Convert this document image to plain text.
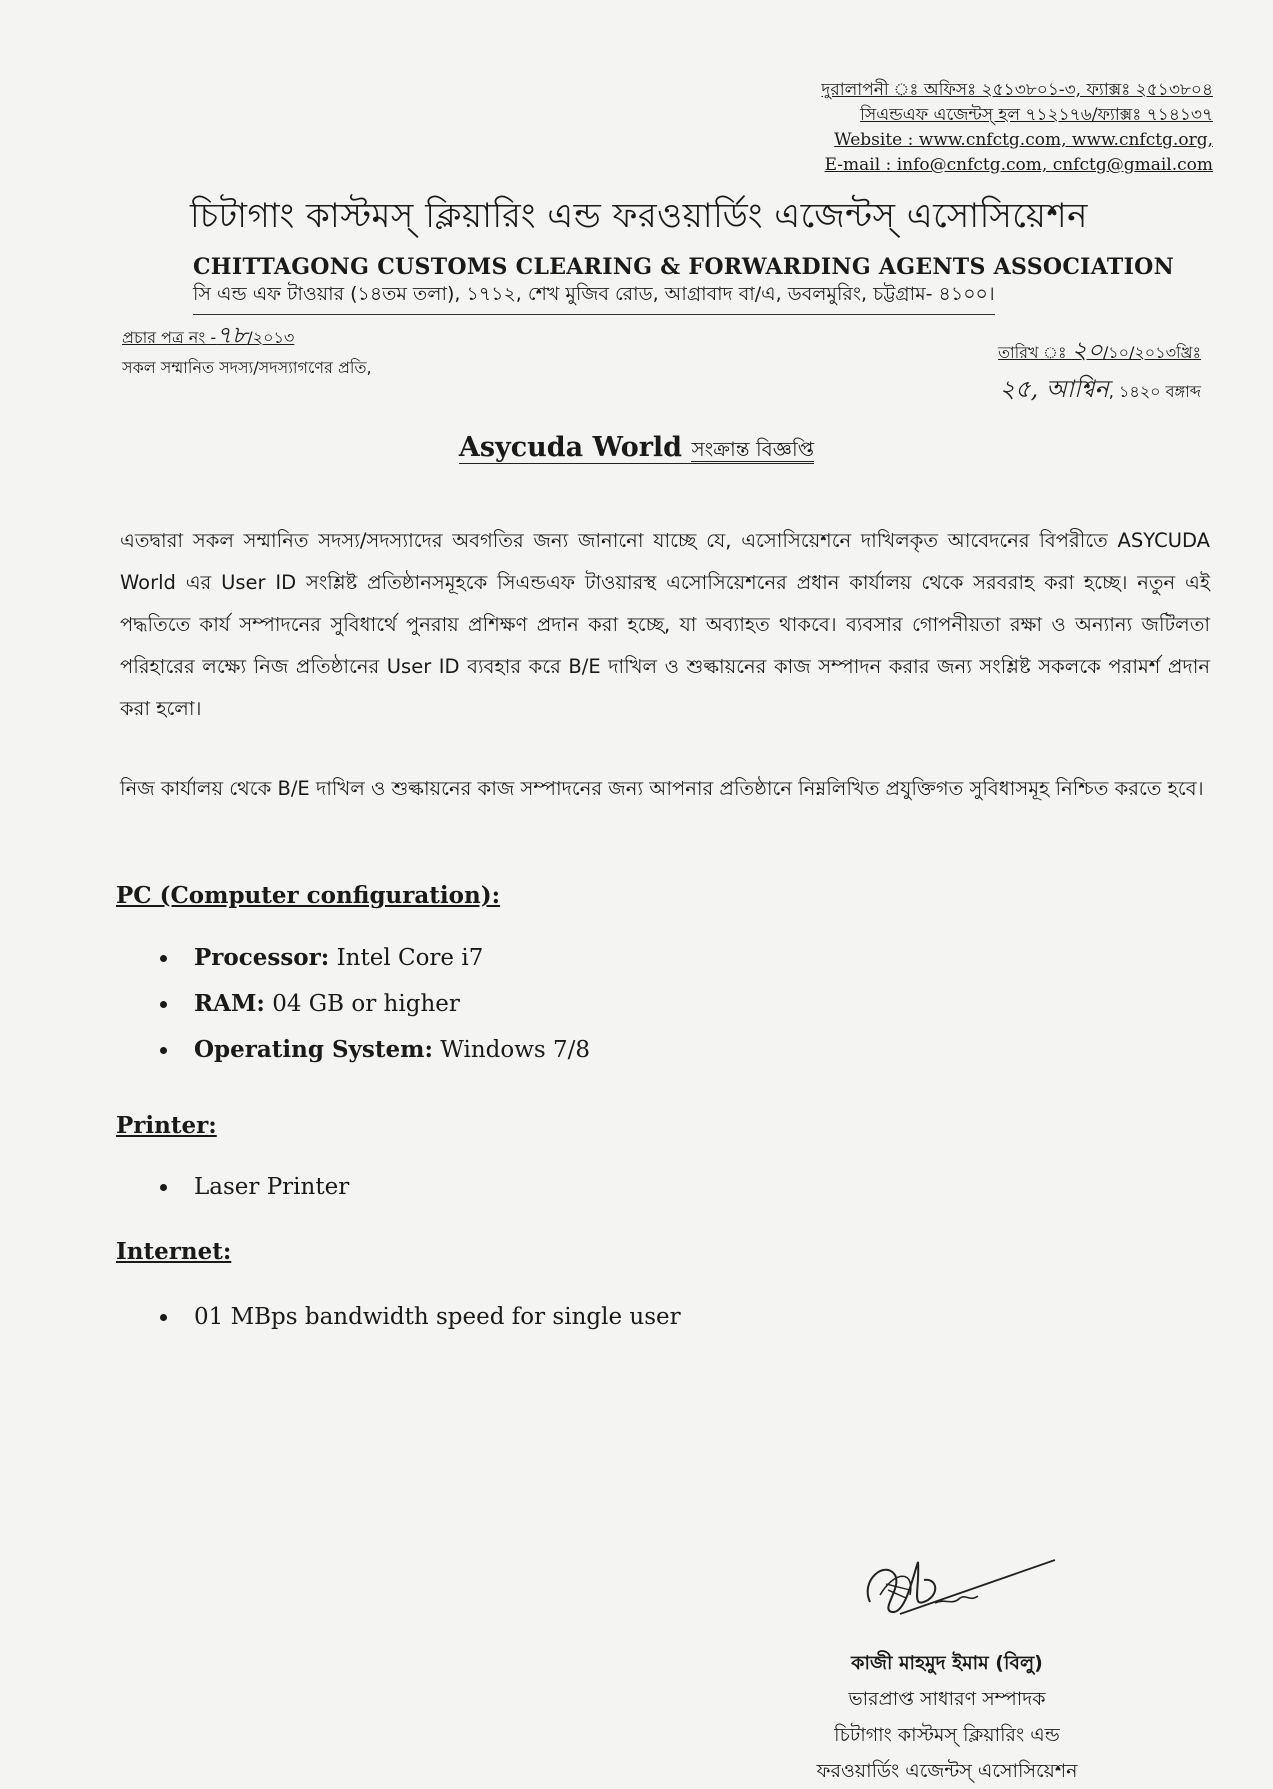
দুরালাপনী ঃ অফিসঃ ২৫১৩৮০১-৩, ফ্যাক্সঃ ২৫১৩৮০৪
সিএন্ডএফ এজেন্টস্‌ হল ৭১২১৭৬/ফ্যাক্সঃ ৭১৪১৩৭
Website : www.cnfctg.com, www.cnfctg.org,
E-mail : info@cnfctg.com, cnfctg@gmail.com
চিটাগাং কাস্টমস্‌ ক্লিয়ারিং এন্ড ফরওয়ার্ডিং এজেন্টস্‌ এসোসিয়েশন
CHITTAGONG CUSTOMS CLEARING & FORWARDING AGENTS ASSOCIATION
সি এন্ড এফ টাওয়ার (১৪তম তলা), ১৭১২, শেখ মুজিব রোড, আগ্রাবাদ বা/এ, ডবলমুরিং, চট্টগ্রাম- ৪১০০।
প্রচার পত্র নং -৭৮/২০১৩
সকল সম্মানিত সদস্য/সদস্যাগণের প্রতি,
তারিখ ঃ ২০/১০/২০১৩খ্রিঃ
২৫, আশ্বিন, ১৪২০ বঙ্গাব্দ
Asycuda World সংক্রান্ত বিজ্ঞপ্তি
এতদ্বারা সকল সম্মানিত সদস্য/সদস্যাদের অবগতির জন্য জানানো যাচ্ছে যে, এসোসিয়েশনে দাখিলকৃত আবেদনের বিপরীতে ASYCUDA World এর User ID সংশ্লিষ্ট প্রতিষ্ঠানসমূহকে সিএন্ডএফ টাওয়ারস্থ এসোসিয়েশনের প্রধান কার্যালয় থেকে সরবরাহ করা হচ্ছে। নতুন এই পদ্ধতিতে কার্য সম্পাদনের সুবিধার্থে পুনরায় প্রশিক্ষণ প্রদান করা হচ্ছে, যা অব্যাহত থাকবে। ব্যবসার গোপনীয়তা রক্ষা ও অন্যান্য জটিলতা পরিহারের লক্ষ্যে নিজ প্রতিষ্ঠানের User ID ব্যবহার করে B/E দাখিল ও শুল্কায়নের কাজ সম্পাদন করার জন্য সংশ্লিষ্ট সকলকে পরামর্শ প্রদান করা হলো।
নিজ কার্যালয় থেকে B/E দাখিল ও শুল্কায়নের কাজ সম্পাদনের জন্য আপনার প্রতিষ্ঠানে নিম্নলিখিত প্রযুক্তিগত সুবিধাসমূহ নিশ্চিত করতে হবে।
PC (Computer configuration):
• Processor: Intel Core i7
• RAM: 04 GB or higher
• Operating System: Windows 7/8
Printer:
• Laser Printer
Internet:
• 01 MBps bandwidth speed for single user
কাজী মাহমুদ ইমাম (বিলু)
ভারপ্রাপ্ত সাধারণ সম্পাদক
চিটাগাং কাস্টমস্‌ ক্লিয়ারিং এন্ড
ফরওয়ার্ডিং এজেন্টস্‌ এসোসিয়েশন
